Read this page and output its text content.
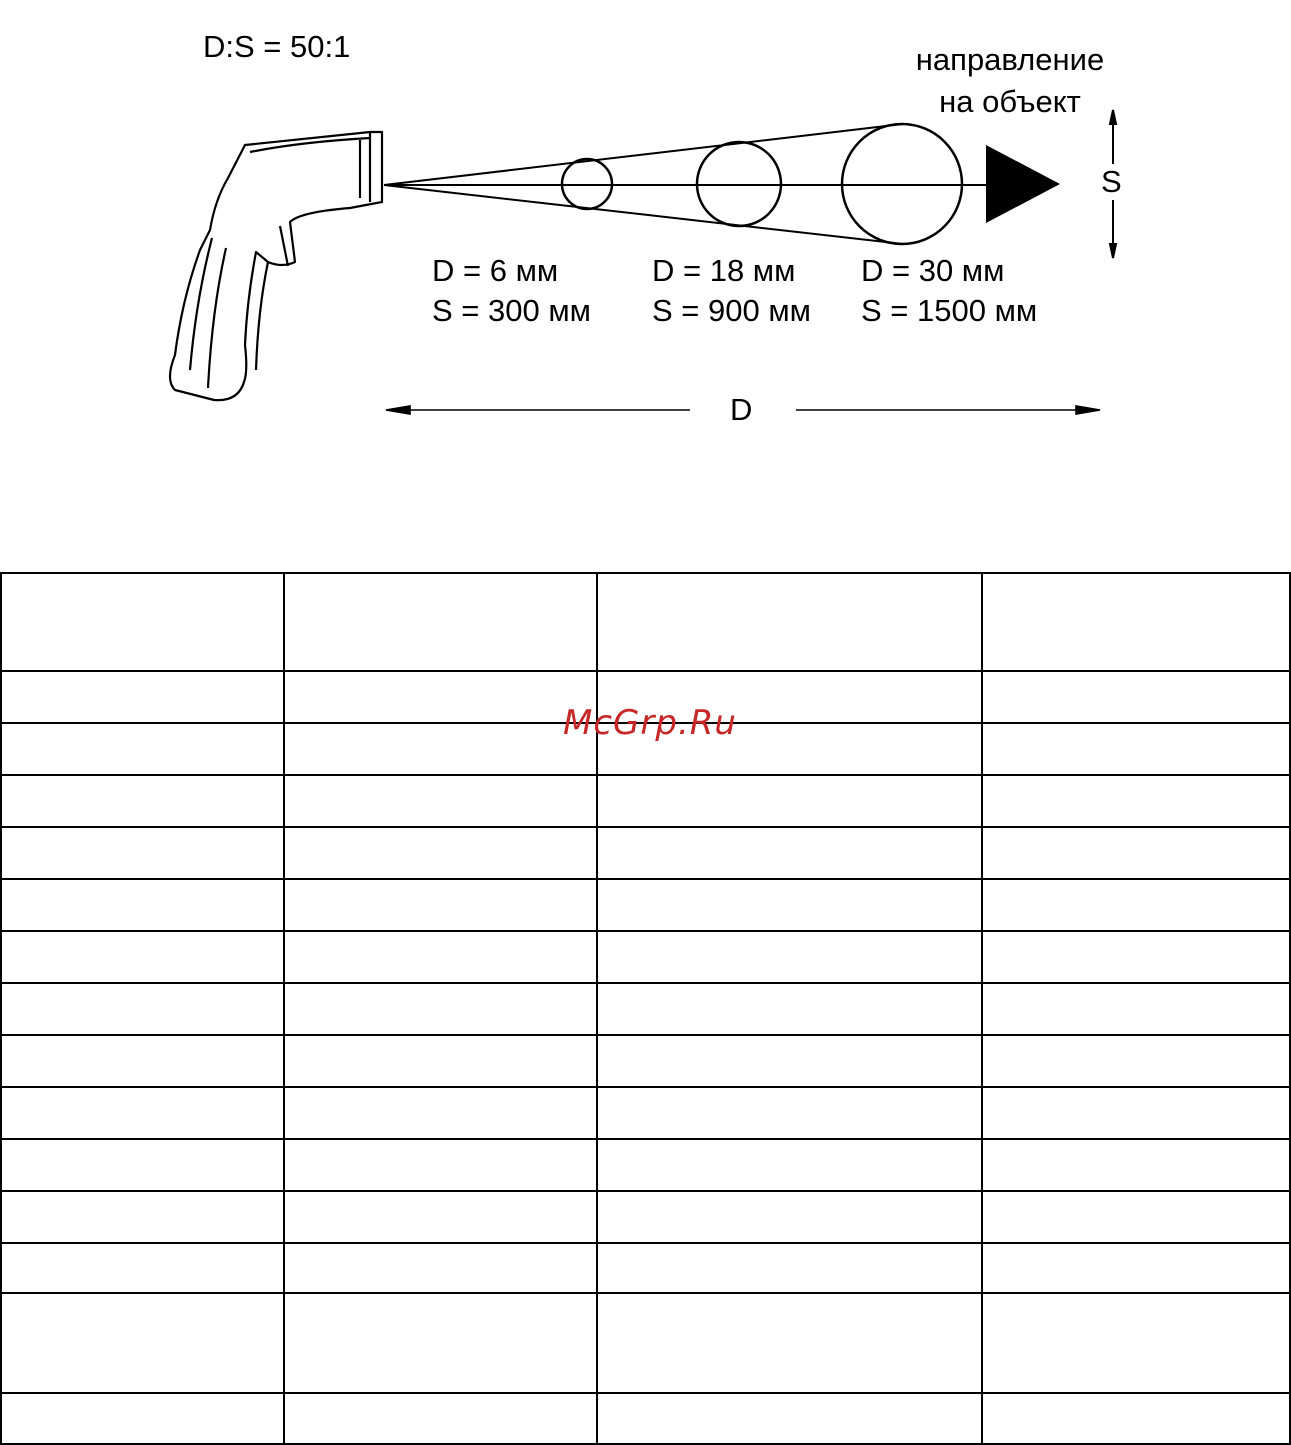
D:S = 50:1	направление
на объект
S
D
D = 6 мм
S = 300 мм
D = 18 мм
S = 900 мм
D = 30 мм
S = 1500 мм
McGrp.Ru
